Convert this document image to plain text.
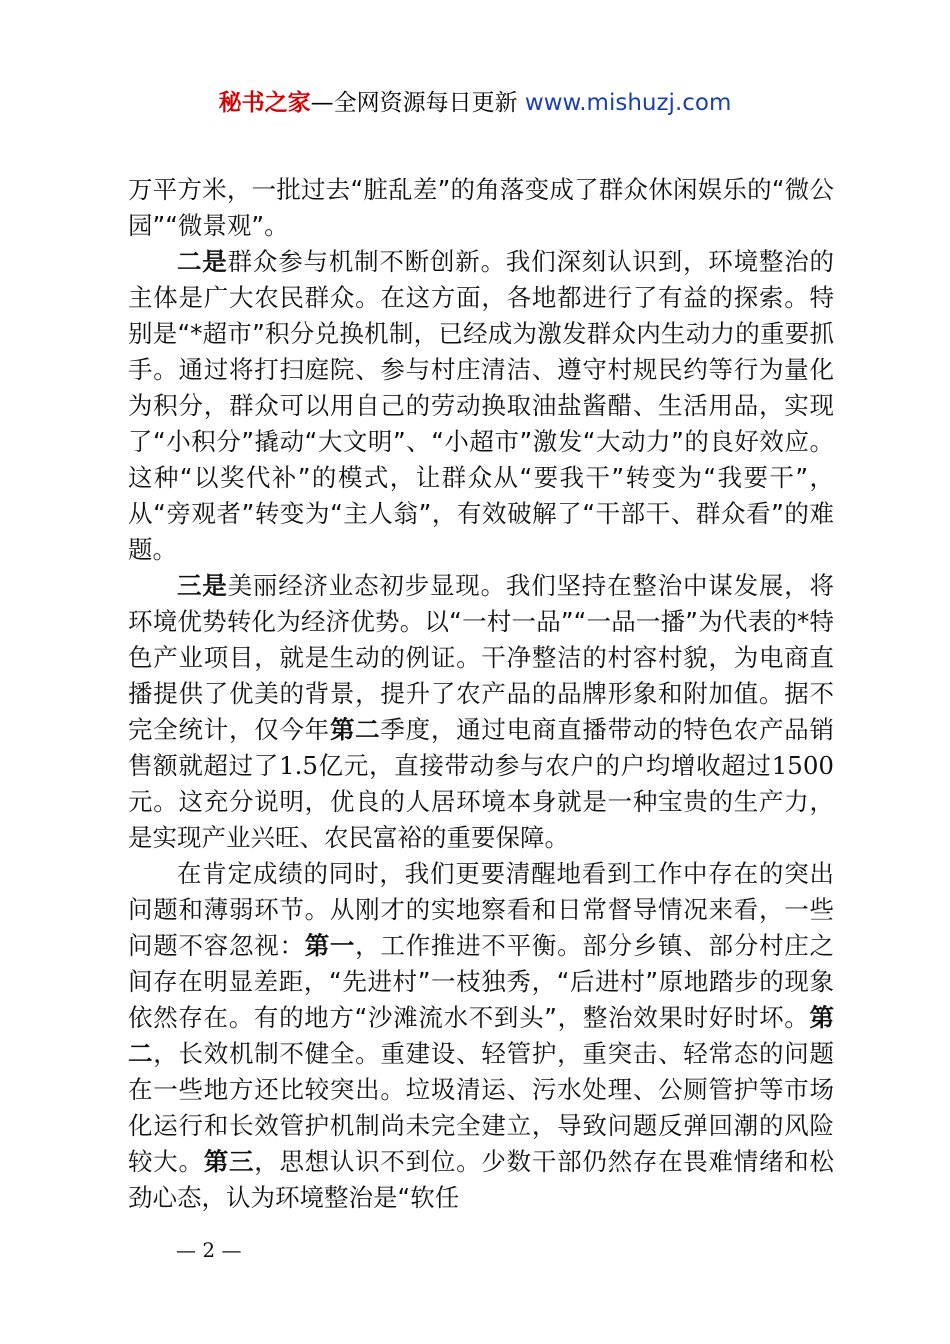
秘书之家—全网资源每日更新 www.mishuzj.com

万平方米，一批过去“脏乱差”的角落变成了群众休闲娱乐的“微公园”“微景观”。

二是群众参与机制不断创新。我们深刻认识到，环境整治的主体是广大农民群众。在这方面，各地都进行了有益的探索。特别是“*超市”积分兑换机制，已经成为激发群众内生动力的重要抓手。通过将打扫庭院、参与村庄清洁、遵守村规民约等行为量化为积分，群众可以用自己的劳动换取油盐酱醋、生活用品，实现了“小积分”撬动“大文明”、“小超市”激发“大动力”的良好效应。这种“以奖代补”的模式，让群众从“要我干”转变为“我要干”，从“旁观者”转变为“主人翁”，有效破解了“干部干、群众看”的难题。

三是美丽经济业态初步显现。我们坚持在整治中谋发展，将环境优势转化为经济优势。以“一村一品”“一品一播”为代表的*特色产业项目，就是生动的例证。干净整洁的村容村貌，为电商直播提供了优美的背景，提升了农产品的品牌形象和附加值。据不完全统计，仅今年第二季度，通过电商直播带动的特色农产品销售额就超过了1.5亿元，直接带动参与农户的户均增收超过1500元。这充分说明，优良的人居环境本身就是一种宝贵的生产力，是实现产业兴旺、农民富裕的重要保障。

在肯定成绩的同时，我们更要清醒地看到工作中存在的突出问题和薄弱环节。从刚才的实地察看和日常督导情况来看，一些问题不容忽视：第一，工作推进不平衡。部分乡镇、部分村庄之间存在明显差距，“先进村”一枝独秀，“后进村”原地踏步的现象依然存在。有的地方“沙滩流水不到头”，整治效果时好时坏。第二，长效机制不健全。重建设、轻管护，重突击、轻常态的问题在一些地方还比较突出。垃圾清运、污水处理、公厕管护等市场化运行和长效管护机制尚未完全建立，导致问题反弹回潮的风险较大。第三，思想认识不到位。少数干部仍然存在畏难情绪和松劲心态，认为环境整治是“软任

— 2 —
